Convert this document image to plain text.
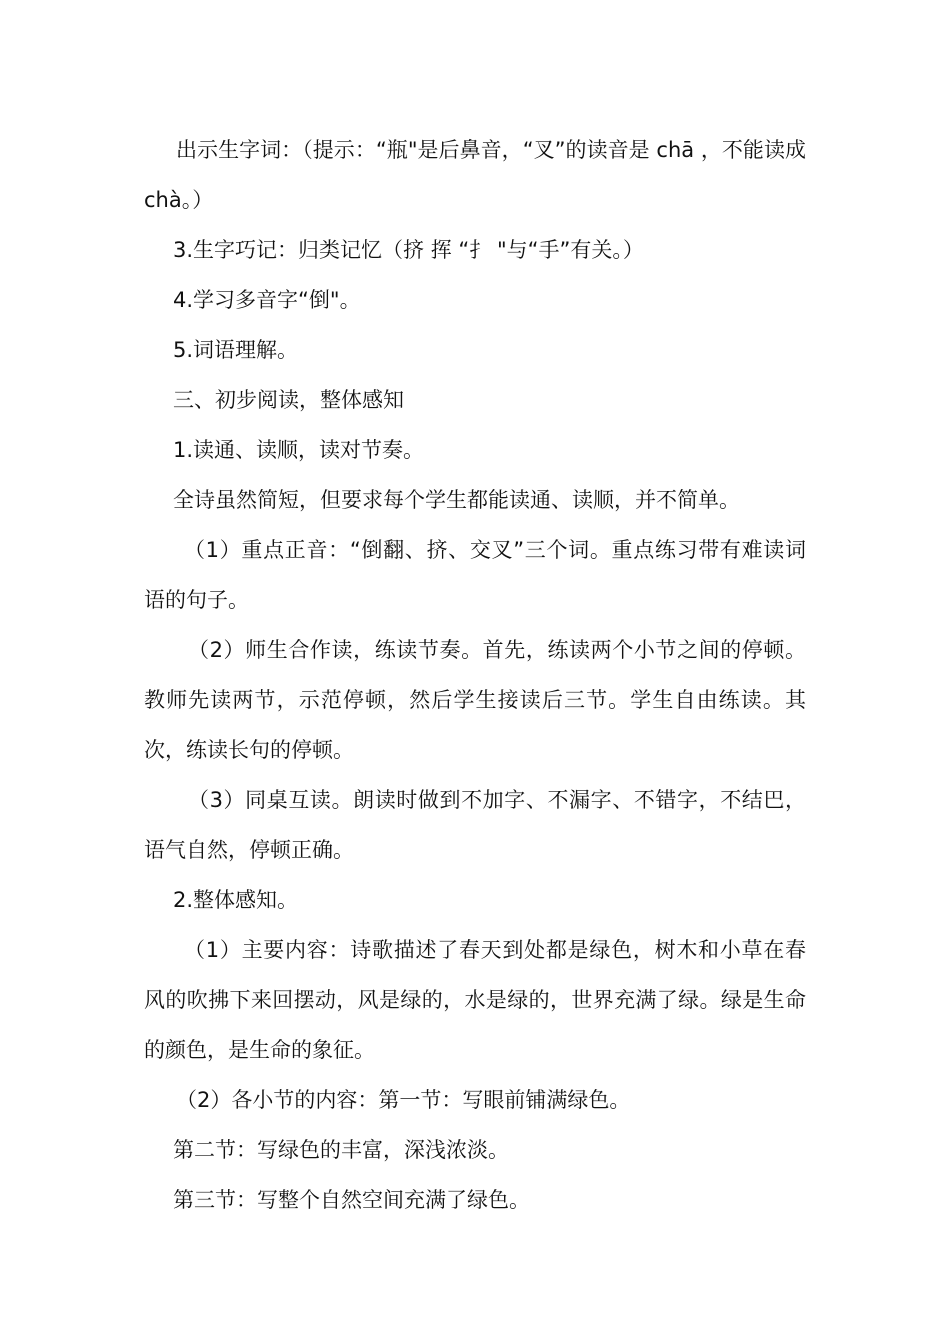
出示生字词：（提示：“瓶"是后鼻音，“叉”的读音是 chā ，不能读成 chà。）

3.生字巧记：归类记忆（挤 挥 “扌 "与“手”有关。）

4.学习多音字“倒"。

5.词语理解。

三、初步阅读，整体感知

1.读通、读顺，读对节奏。

全诗虽然简短，但要求每个学生都能读通、读顺，并不简单。

（1）重点正音：“倒翻、挤、交叉”三个词。重点练习带有难读词语的句子。

（2）师生合作读，练读节奏。首先，练读两个小节之间的停顿。教师先读两节，示范停顿，然后学生接读后三节。学生自由练读。其次，练读长句的停顿。

（3）同桌互读。朗读时做到不加字、不漏字、不错字，不结巴，语气自然，停顿正确。

2.整体感知。

（1）主要内容：诗歌描述了春天到处都是绿色，树木和小草在春风的吹拂下来回摆动，风是绿的，水是绿的，世界充满了绿。绿是生命的颜色，是生命的象征。

（2）各小节的内容：第一节：写眼前铺满绿色。

第二节：写绿色的丰富，深浅浓淡。

第三节：写整个自然空间充满了绿色。
